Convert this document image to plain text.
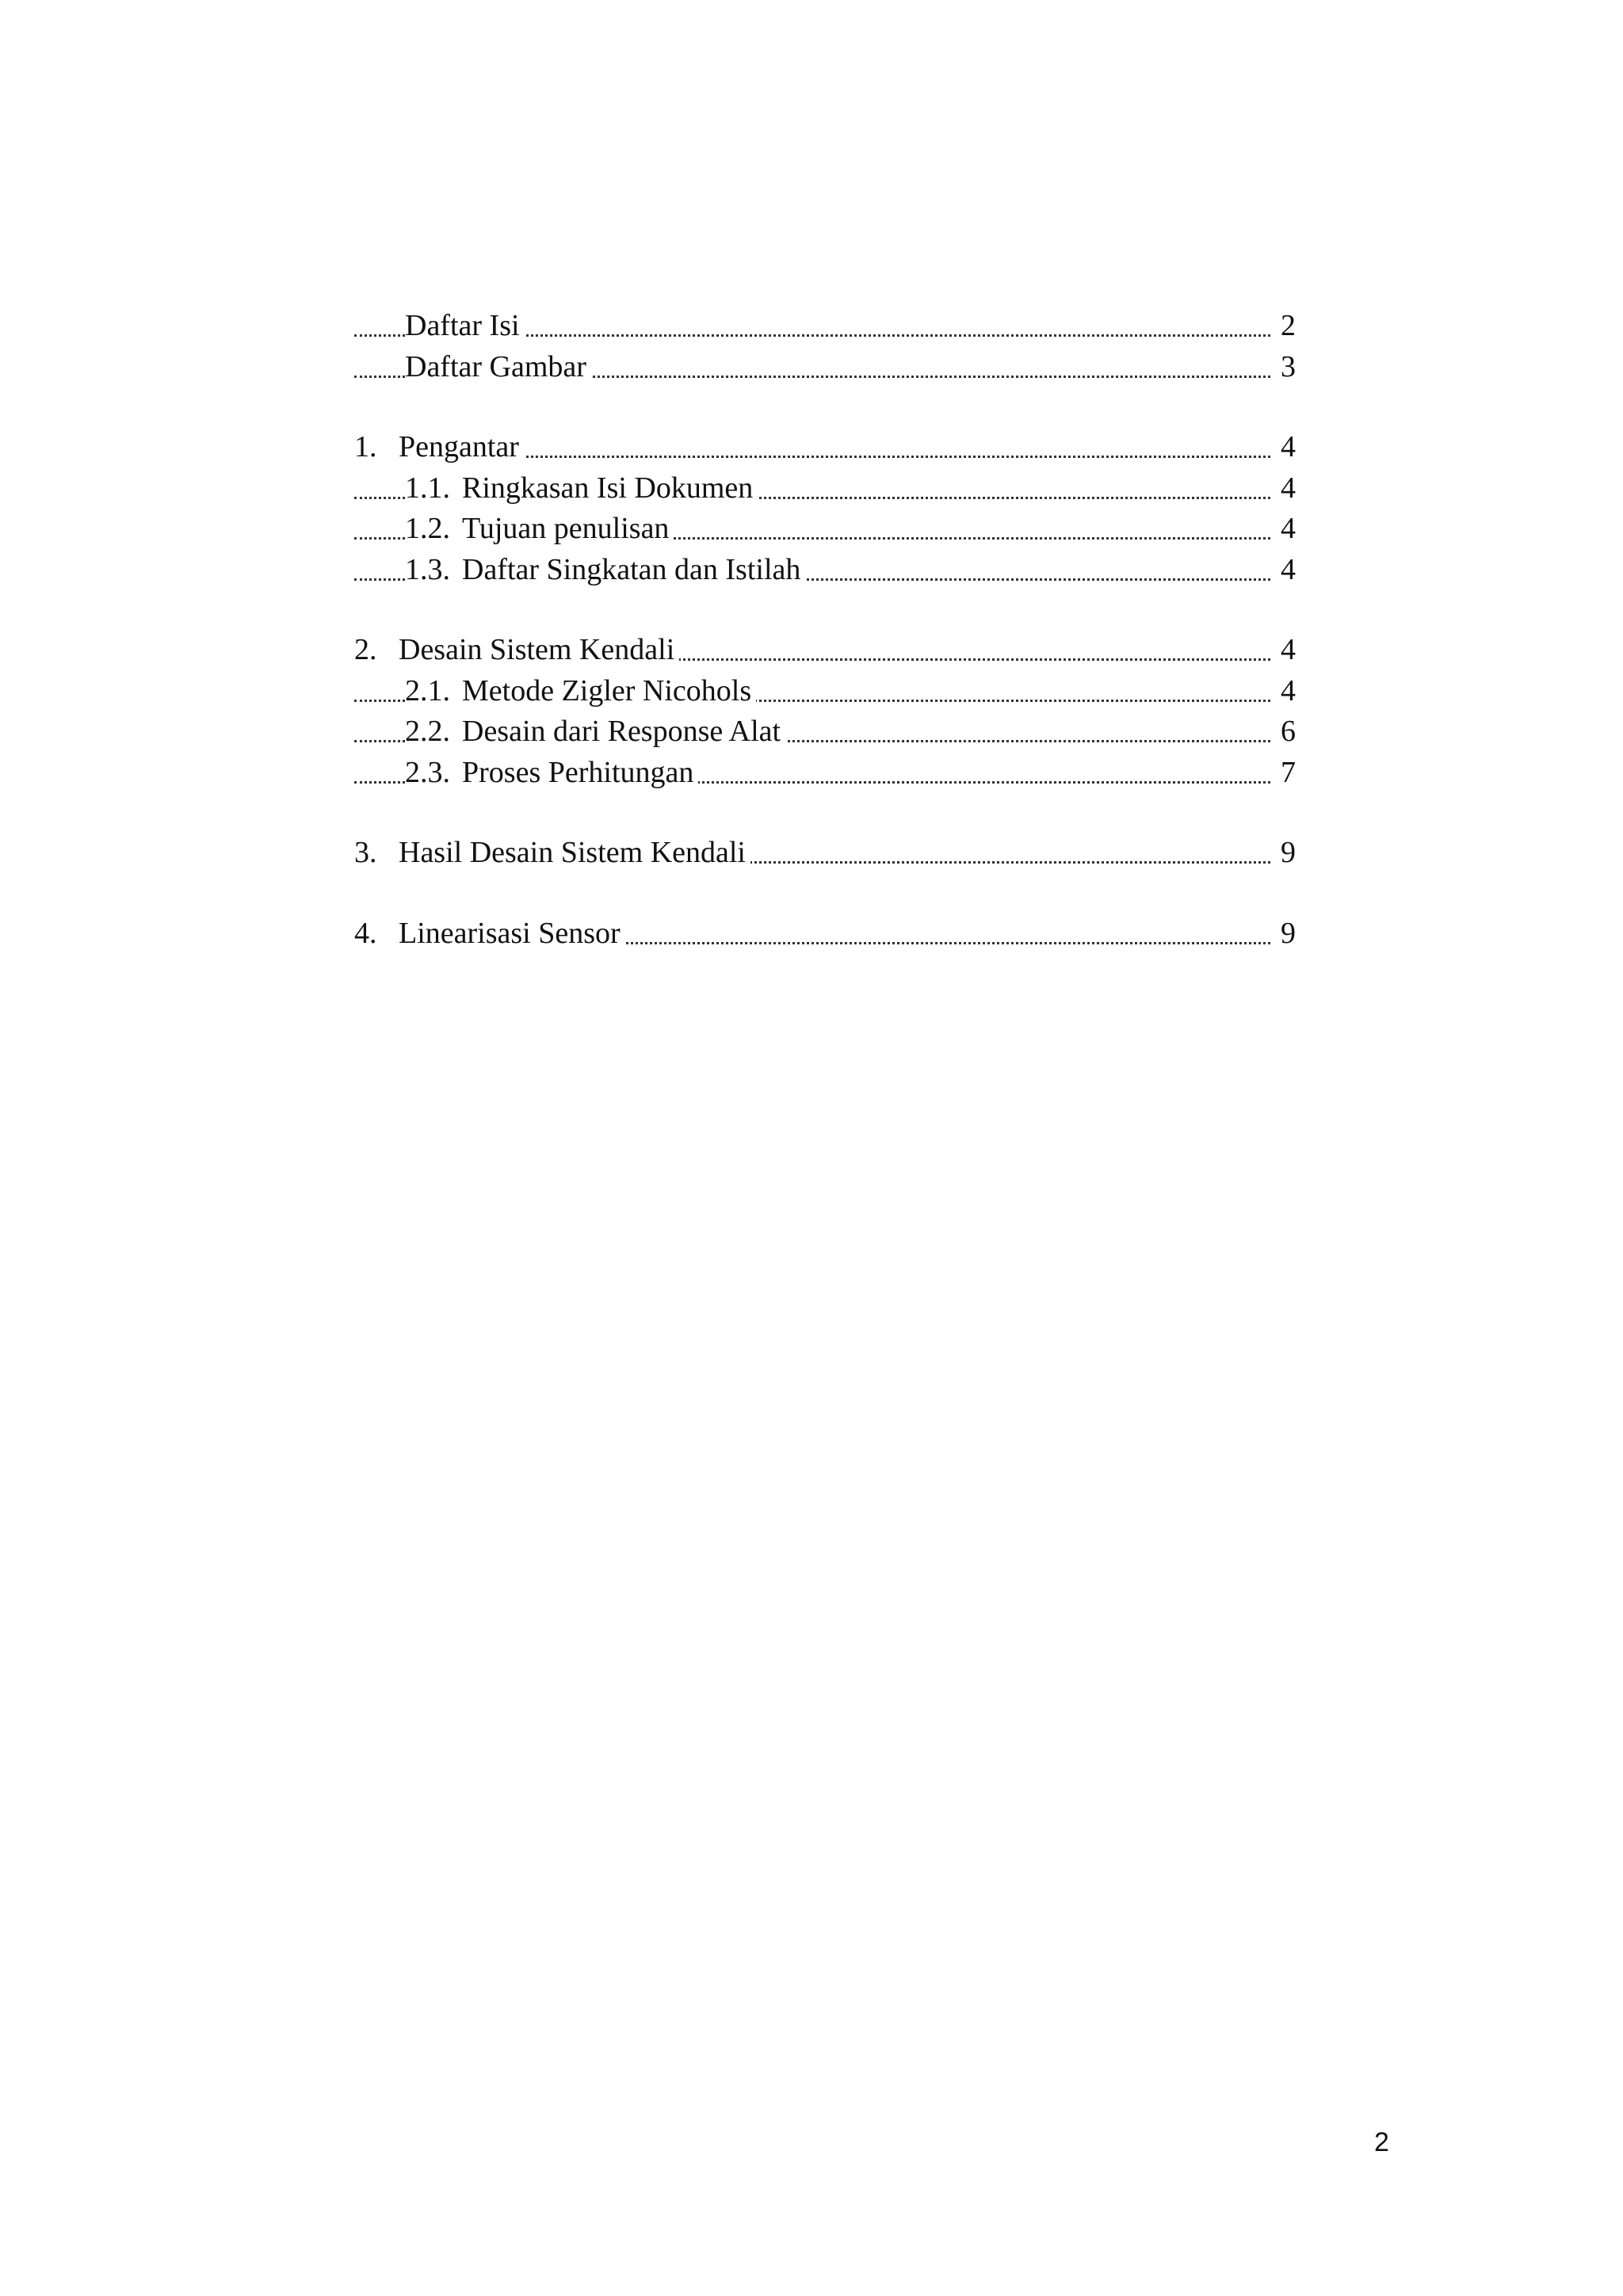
Daftar Isi	2
Daftar Gambar	3
1. Pengantar	4
1.1. Ringkasan Isi Dokumen	4
1.2. Tujuan penulisan	4
1.3. Daftar Singkatan dan Istilah	4
2. Desain Sistem Kendali	4
2.1. Metode Zigler Nicohols	4
2.2. Desain dari Response Alat	6
2.3. Proses Perhitungan	7
3. Hasil Desain Sistem Kendali	9
4. Linearisasi Sensor	9
2
